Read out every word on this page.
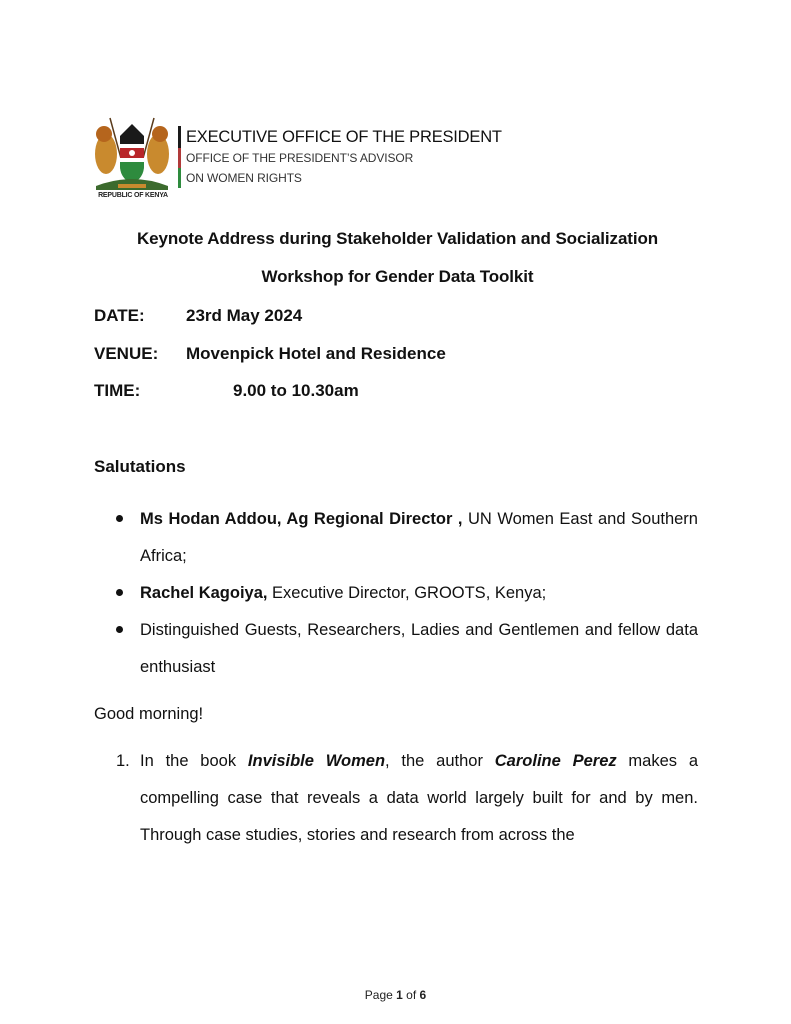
REPUBLIC OF KENYA
EXECUTIVE OFFICE OF THE PRESIDENT
OFFICE OF THE PRESIDENT’S ADVISOR
ON WOMEN RIGHTS
Keynote Address during Stakeholder Validation and Socialization
Workshop for Gender Data Toolkit
DATE: 23rd May 2024
VENUE: Movenpick Hotel and Residence
TIME:	9.00 to 10.30am
Salutations
Ms Hodan Addou, Ag Regional Director , UN Women East and Southern Africa;
Rachel Kagoiya, Executive Director, GROOTS, Kenya;
Distinguished Guests, Researchers, Ladies and Gentlemen and fellow data enthusiast
Good morning!
1. In the book Invisible Women, the author Caroline Perez makes a compelling case that reveals a data world largely built for and by men. Through case studies, stories and research from across the
Page 1 of 6
